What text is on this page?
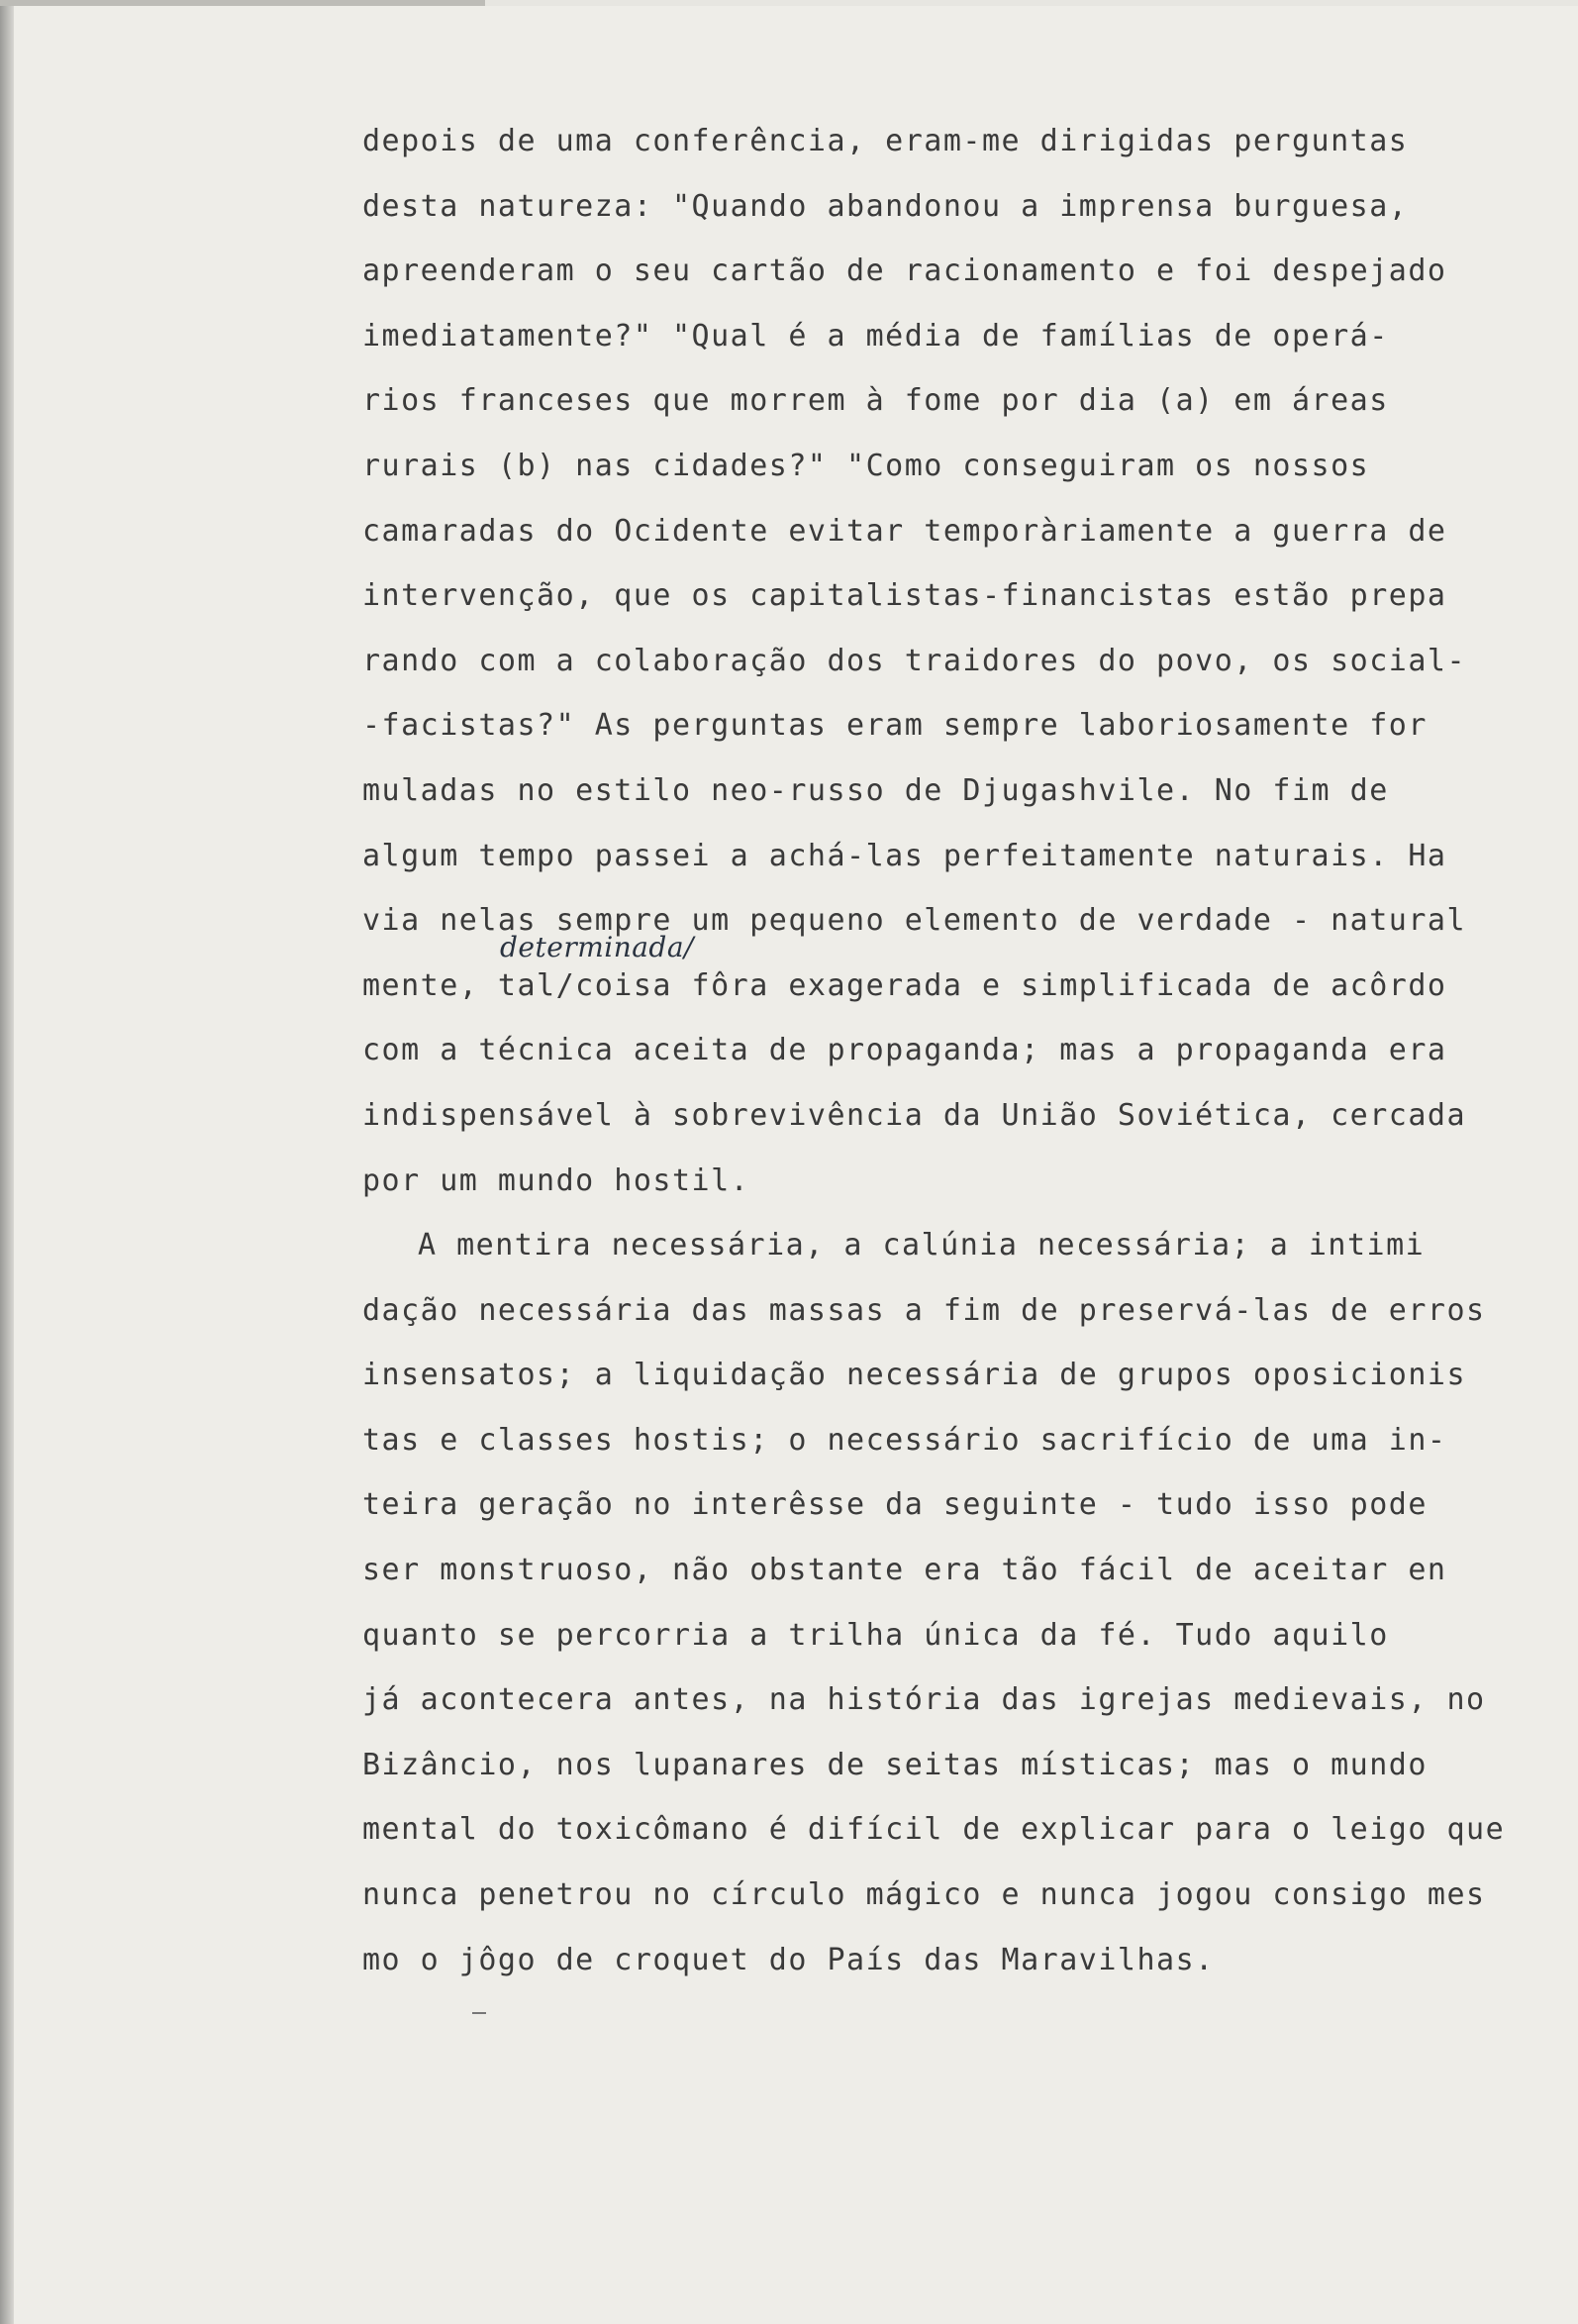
determinada/
depois de uma conferência, eram-me dirigidas perguntas
desta natureza: "Quando abandonou a imprensa burguesa,
apreenderam o seu cartão de racionamento e foi despejado
imediatamente?" "Qual é a média de famílias de operá-
rios franceses que morrem à fome por dia (a) em áreas
rurais (b) nas cidades?" "Como conseguiram os nossos
camaradas do Ocidente evitar temporàriamente a guerra de
intervenção, que os capitalistas-financistas estão prepa
rando com a colaboração dos traidores do povo, os social-
-facistas?" As perguntas eram sempre laboriosamente for
muladas no estilo neo-russo de Djugashvile. No fim de
algum tempo passei a achá-las perfeitamente naturais. Ha
via nelas sempre um pequeno elemento de verdade - natural
mente, tal/coisa fôra exagerada e simplificada de acôrdo
com a técnica aceita de propaganda; mas a propaganda era
indispensável à sobrevivência da União Soviética, cercada
por um mundo hostil.
A mentira necessária, a calúnia necessária; a intimi
dação necessária das massas a fim de preservá-las de erros
insensatos; a liquidação necessária de grupos oposicionis
tas e classes hostis; o necessário sacrifício de uma in-
teira geração no interêsse da seguinte - tudo isso pode
ser monstruoso, não obstante era tão fácil de aceitar en
quanto se percorria a trilha única da fé. Tudo aquilo
já acontecera antes, na história das igrejas medievais, no
Bizâncio, nos lupanares de seitas místicas; mas o mundo
mental do toxicômano é difícil de explicar para o leigo que
nunca penetrou no círculo mágico e nunca jogou consigo mes
mo o jôgo de croquet do País das Maravilhas.
